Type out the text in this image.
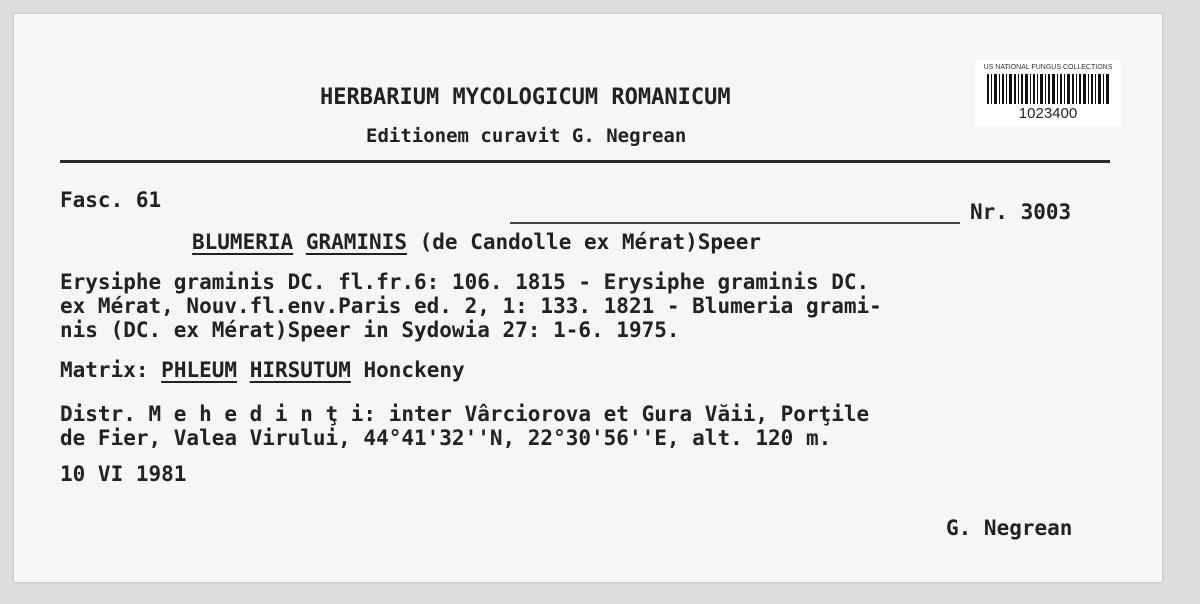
HERBARIUM MYCOLOGICUM ROMANICUM
Editionem curavit G. Negrean
US NATIONAL FUNGUS COLLECTIONS
1023400
Fasc. 61	Nr. 3003
BLUMERIA GRAMINIS (de Candolle ex Mérat)Speer
Erysiphe graminis DC. fl.fr.6: 106. 1815 - Erysiphe graminis DC.
ex Mérat, Nouv.fl.env.Paris ed. 2, 1: 133. 1821 - Blumeria grami-
nis (DC. ex Mérat)Speer in Sydowia 27: 1-6. 1975.
Matrix: PHLEUM HIRSUTUM Honckeny
Distr. M e h e d i n ţ i: inter Vârciorova et Gura Văii, Porţile
de Fier, Valea Virului, 44°41'32''N, 22°30'56''E, alt. 120 m.
10 VI 1981
G. Negrean
